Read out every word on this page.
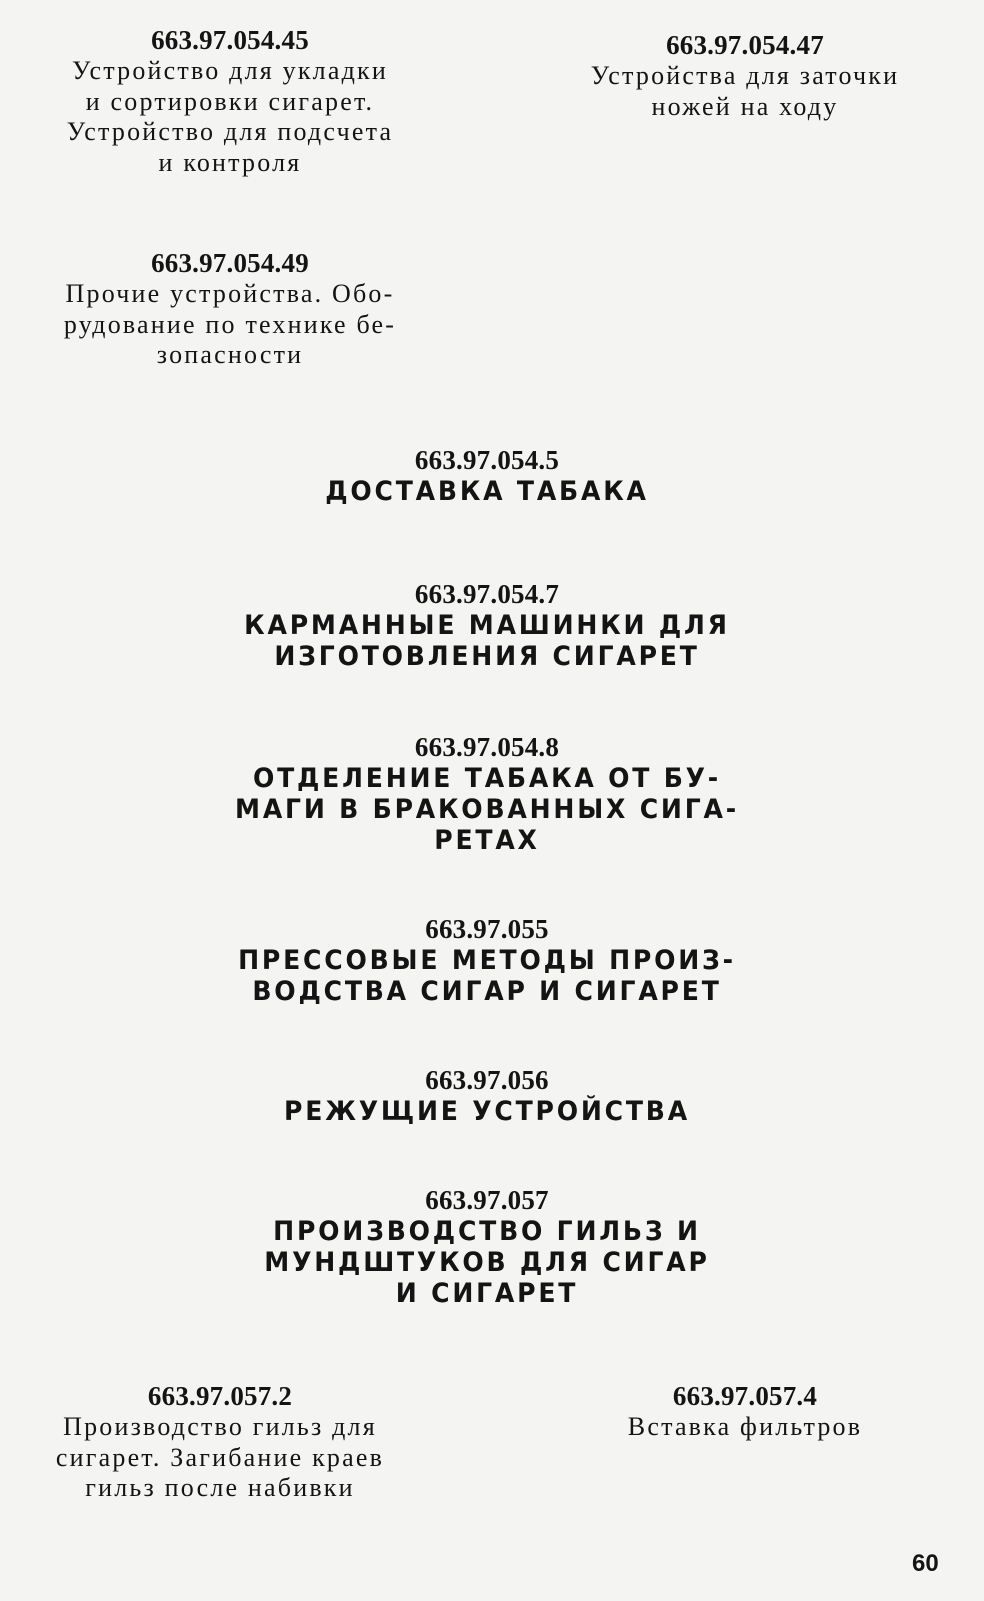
663.97.054.45
Устройство для укладки
и сортировки сигарет.
Устройство для подсчета
и контроля
663.97.054.47
Устройства для заточки
ножей на ходу
663.97.054.49
Прочие устройства. Обо-
рудование по технике бе-
зопасности
663.97.054.5
ДОСТАВКА ТАБАКА
663.97.054.7
КАРМАННЫЕ МАШИНКИ ДЛЯ
ИЗГОТОВЛЕНИЯ СИГАРЕТ
663.97.054.8
ОТДЕЛЕНИЕ ТАБАКА ОТ БУ-
МАГИ В БРАКОВАННЫХ СИГА-
РЕТАХ
663.97.055
ПРЕССОВЫЕ МЕТОДЫ ПРОИЗ-
ВОДСТВА СИГАР И СИГАРЕТ
663.97.056
РЕЖУЩИЕ УСТРОЙСТВА
663.97.057
ПРОИЗВОДСТВО ГИЛЬЗ И
МУНДШТУКОВ ДЛЯ СИГАР
И СИГАРЕТ
663.97.057.2
Производство гильз для
сигарет. Загибание краев
гильз после набивки
663.97.057.4
Вставка фильтров
60
